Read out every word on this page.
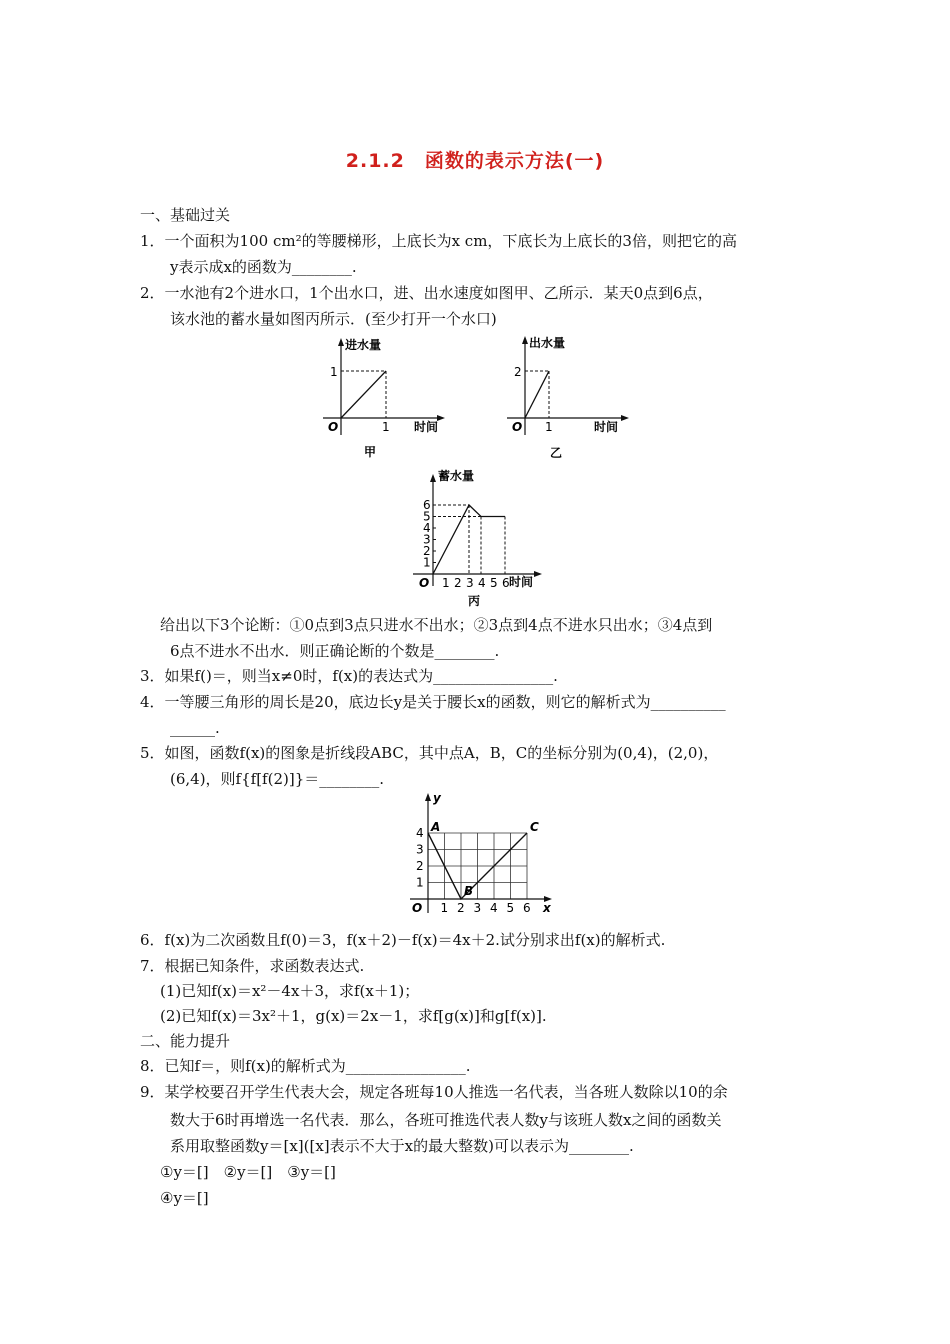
2.1.2　函数的表示方法(一)
一、基础过关
1．一个面积为100 cm²的等腰梯形，上底长为x cm，下底长为上底长的3倍，则把它的高
y表示成x的函数为________.
2．一水池有2个进水口，1个出水口，进、出水速度如图甲、乙所示．某天0点到6点，
该水池的蓄水量如图丙所示．(至少打开一个水口)
进水量
1
O	1 时间
甲
出水量
2
O 1	时间
乙
1
2
3
4
5
6
1 2 3 4 5 6
蓄水量
O	时间
丙
给出以下3个论断：①0点到3点只进水不出水；②3点到4点不进水只出水；③4点到
6点不进水不出水．则正确论断的个数是________.
3．如果f()＝，则当x≠0时，f(x)的表达式为________________.
4．一等腰三角形的周长是20，底边长y是关于腰长x的函数，则它的解析式为__________
______.
5．如图，函数f(x)的图象是折线段ABC，其中点A，B，C的坐标分别为(0,4)，(2,0)，
(6,4)，则f{f[f(2)]}＝________.
1 2 3 4 5 6
1
2
3
4 A
B
C
y
x
O
6．f(x)为二次函数且f(0)＝3，f(x＋2)－f(x)＝4x＋2.试分别求出f(x)的解析式.
7．根据已知条件，求函数表达式.
(1)已知f(x)＝x²－4x＋3，求f(x＋1)；
(2)已知f(x)＝3x²＋1，g(x)＝2x－1，求f[g(x)]和g[f(x)].
二、能力提升
8．已知f＝，则f(x)的解析式为________________.
9．某学校要召开学生代表大会，规定各班每10人推选一名代表，当各班人数除以10的余
数大于6时再增选一名代表．那么，各班可推选代表人数y与该班人数x之间的函数关
系用取整函数y＝[x]([x]表示不大于x的最大整数)可以表示为________.
①y＝[]　②y＝[]　③y＝[]
④y＝[]
